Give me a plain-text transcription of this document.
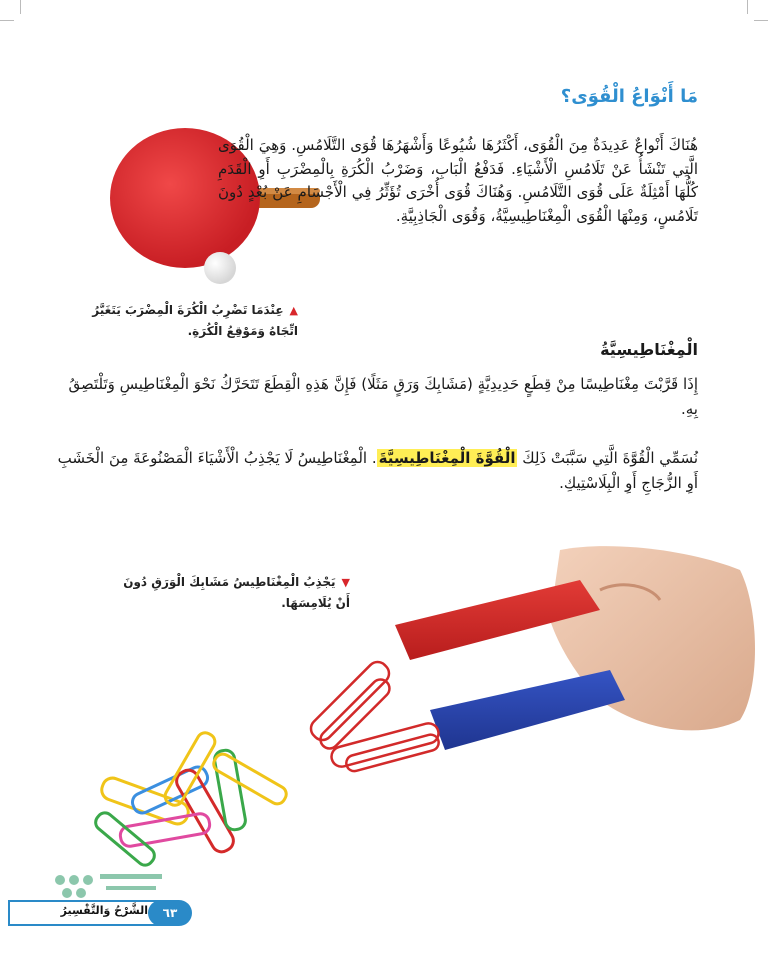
مَا أَنْوَاعُ الْقُوَى؟
هُنَاكَ أَنْواعٌ عَدِيدَةٌ مِنَ الْقُوَى، أَكْثَرُهَا شُيُوعًا وَأَشْهَرُهَا قُوَى التَّلَامُسِ. وَهِيَ الْقُوَى الَّتِي تَنْشَأُ عَنْ تَلَامُسِ الْأَشْيَاءِ. فَدَفْعُ الْبَابِ، وَضَرْبُ الْكُرَةِ بِالْمِضْرَبِ أَوِ الْقَدَمِ كُلُّهَا أَمْثِلَةٌ عَلَى قُوَى التَّلَامُسِ. وَهُنَاكَ قُوَى أُخْرَى تُؤَثِّرُ فِي الْأَجْسَامِ عَنْ بُعْدٍ دُونَ تَلَامُسٍ، وَمِنْهَا الْقُوَى الْمِغْنَاطِيسِيَّةُ، وَقُوَى الْجَاذِبِيَّةِ.
▲عِنْدَمَا تَضْرِبُ الْكُرَةَ الْمِضْرَبَ يَتَغَيَّرُ اتِّجَاهُ وَمَوْقِعُ الْكُرَةِ.
الْمِغْنَاطِيسِيَّةُ
إِذَا قَرَّبْتَ مِغْنَاطِيسًا مِنْ قِطَعٍ حَدِيدِيَّةٍ (مَشَابِكَ وَرَقٍ مَثَلًا) فَإِنَّ هَذِهِ الْقِطَعَ تَتَحَرَّكُ نَحْوَ الْمِغْنَاطِيسِ وَتَلْتَصِقُ بِهِ.
نُسَمِّي الْقُوَّةَ الَّتِي سَبَّبَتْ ذَلِكَ الْقُوَّةَ الْمِغْنَاطِيسِيَّةَ. الْمِغْنَاطِيسُ لَا يَجْذِبُ الْأَشْيَاءَ الْمَصْنُوعَةَ مِنَ الْخَشَبِ أَوِ الزُّجَاجِ أَوِ الْبِلَاسْتِيكِ.
▼يَجْذِبُ الْمِغْنَاطِيسُ مَشَابِكَ الْوَرَقِ دُونَ أَنْ يُلَامِسَهَا.
الشَّرْحُ وَالتَّفْسِيرُ	٦٣
